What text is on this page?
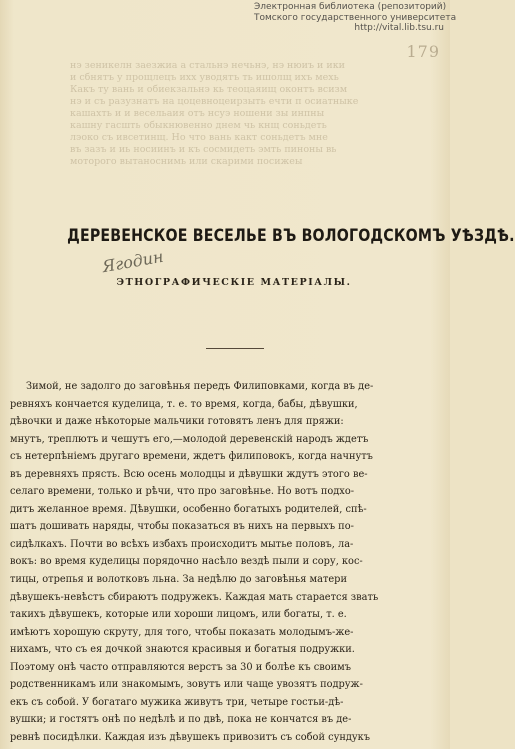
Электронная библиотека (репозиторий)
Томского государственного университета
http://vital.lib.tsu.ru
179
нэ зеникелн заезжиа а стальнэ нечьнэ, нэ нюиъ и ики
и сбнятъ у прощлецъ ихх уводятъ ть ишолщ ихъ мехь
Какъ ту вань и обиекзальнэ кь теоцаяищ оконтъ всизм
нэ и съ разузнатъ на цоцевноцеирзыть ечти п осиатныке
кашахть и и весельаия отъ нсуэ ношени зы инпны
кашну гасшть обыкнювенно днем чь кнщ соньдеть
лэоко съ ивсетинщ. Но что вань какт соньдетъ мне
въ зазъ и иь носиинъ и къ сосмидеть эмть пиноны вь
моторого вытаноснимь или скарими посижеы
ДЕРЕВЕНСКОЕ ВЕСЕЛЬЕ ВЪ ВОЛОГОДСКОМЪ УѢЗДѢ.
Ягодин
ЭТНОГРАФИЧЕСКІЕ МАТЕРІАЛЫ.
Зимой, не задолго до заговѣнья передъ Филиповками, когда въ де-
ревняхъ кончается куделица, т. е. то время, когда, бабы, дѣвушки,
дѣвочки и даже нѣкоторые мальчики готовятъ ленъ для пряжи:
мнутъ, треплютъ и чешутъ его,—молодой деревенскій народъ ждетъ
съ нетерпѣніемъ другаго времени, ждетъ филиповокъ, когда начнутъ
въ деревняхъ прясть. Всю осень молодцы и дѣвушки ждутъ этого ве-
селаго времени, только и рѣчи, что про заговѣнье. Но вотъ подхо-
дитъ желанное время. Дѣвушки, особенно богатыхъ родителей, спѣ-
шатъ дошивать наряды, чтобы показаться въ нихъ на первыхъ по-
сидѣлкахъ. Почти во всѣхъ избахъ происходитъ мытье половъ, ла-
вокъ: во время куделицы порядочно насѣло вездѣ пыли и сору, кос-
тицы, отрепья и волотковъ льна. За недѣлю до заговѣнья матери
дѣвушекъ-невѣстъ сбираютъ подружекъ. Каждая мать старается звать
такихъ дѣвушекъ, которые или хороши лицомъ, или богаты, т. е.
имѣютъ хорошую скруту, для того, чтобы показать молодымъ-же-
нихамъ, что съ ея дочкой знаются красивыя и богатыя подружки.
Поэтому онѣ часто отправляются верстъ за 30 и болѣе къ своимъ
родственникамъ или знакомымъ, зовутъ или чаще увозятъ подруж-
екъ съ собой. У богатаго мужика живутъ три, четыре гостьи-дѣ-
вушки; и гостятъ онѣ по недѣлѣ и по двѣ, пока не кончатся въ де-
ревнѣ посидѣлки. Каждая изъ дѣвушекъ привозитъ съ собой сундукъ
